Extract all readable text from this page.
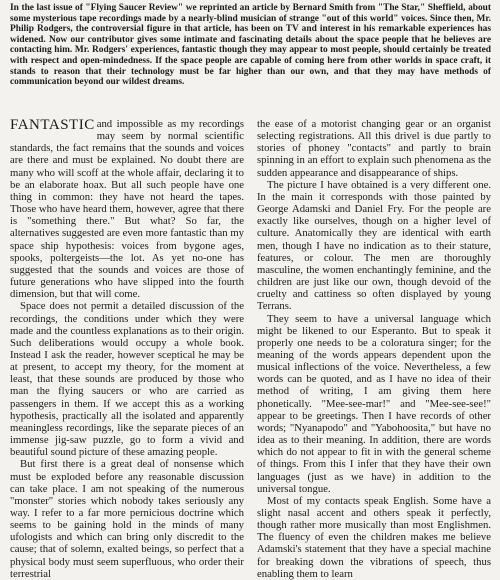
In the last issue of "Flying Saucer Review" we reprinted an article by Bernard Smith from "The Star," Sheffield, about some mysterious tape recordings made by a nearly-blind musician of strange "out of this world" voices. Since then, Mr. Philip Rodgers, the controversial figure in that article, has been on TV and interest in his remarkable experiences has widened. Now our contributor gives some intimate and fascinating details about the space people that he believes are contacting him. Mr. Rodgers' experiences, fantastic though they may appear to most people, should certainly be treated with respect and open-mindedness. If the space people are capable of coming here from other worlds in space craft, it stands to reason that their technology must be far higher than our own, and that they may have methods of communication beyond our wildest dreams.

FANTASTIC and impossible as my recordings may seem by normal scientific standards, the fact remains that the sounds and voices are there and must be explained. No doubt there are many who will scoff at the whole affair, declaring it to be an elaborate hoax. But all such people have one thing in common: they have not heard the tapes. Those who have heard them, however, agree that there is "something there." But what? So far, the alternatives suggested are even more fantastic than my space ship hypothesis: voices from bygone ages, spooks, poltergeists—the lot. As yet no-one has suggested that the sounds and voices are those of future generations who have slipped into the fourth dimension, but that will come.

Space does not permit a detailed discussion of the recordings, the conditions under which they were made and the countless explanations as to their origin. Such deliberations would occupy a whole book. Instead I ask the reader, however sceptical he may be at present, to accept my theory, for the moment at least, that these sounds are produced by those who man the flying saucers or who are carried as passengers in them. If we accept this as a working hypothesis, practically all the isolated and apparently meaningless recordings, like the separate pieces of an immense jig-saw puzzle, go to form a vivid and beautiful sound picture of these amazing people.

But first there is a great deal of nonsense which must be exploded before any reasonable discussion can take place. I am not speaking of the numerous "monster" stories which nobody takes seriously any way. I refer to a far more pernicious doctrine which seems to be gaining hold in the minds of many ufologists and which can bring only discredit to the cause; that of solemn, exalted beings, so perfect that a physical body must seem superfluous, who order their terrestrial

the ease of a motorist changing gear or an organist selecting registrations. All this drivel is due partly to stories of phoney "contacts" and partly to brain spinning in an effort to explain such phenomena as the sudden appearance and disappearance of ships.

The picture I have obtained is a very different one. In the main it corresponds with those painted by George Adamski and Daniel Fry. For the people are exactly like ourselves, though on a higher level of culture. Anatomically they are identical with earth men, though I have no indication as to their stature, features, or colour. The men are thoroughly masculine, the women enchantingly feminine, and the children are just like our own, though devoid of the cruelty and cattiness so often displayed by young Terrans.

They seem to have a universal language which might be likened to our Esperanto. But to speak it properly one needs to be a coloratura singer; for the meaning of the words appears dependent upon the musical inflections of the voice. Nevertheless, a few words can be quoted, and as I have no idea of their method of writing, I am giving them here phonetically. "Mee-see-mar!" and "Mee-see-see!" appear to be greetings. Then I have records of other words; "Nyanapodo" and "Yabohoosita," but have no idea as to their meaning. In addition, there are words which do not appear to fit in with the general scheme of things. From this I infer that they have their own languages (just as we have) in addition to the universal tongue.

Most of my contacts speak English. Some have a slight nasal accent and others speak it perfectly, though rather more musically than most Englishmen. The fluency of even the children makes me believe Adamski's statement that they have a special machine for breaking down the vibrations of speech, thus enabling them to learn
